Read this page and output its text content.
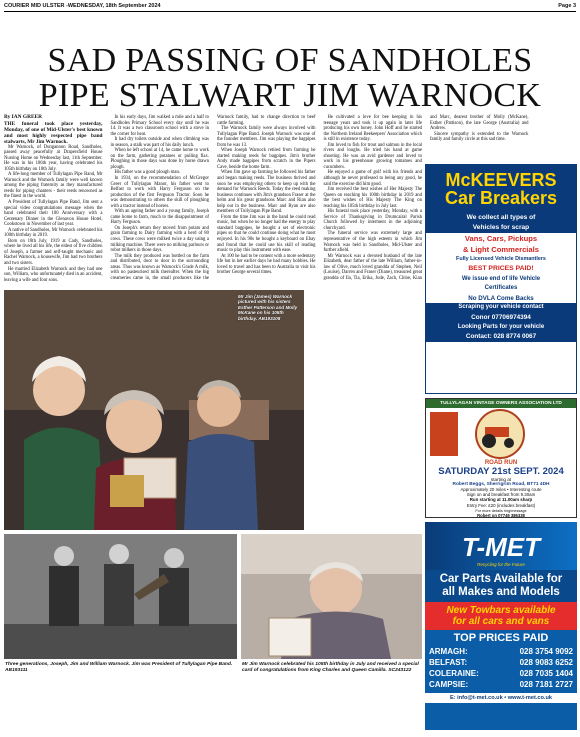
COURIER MID ULSTER -WEDNESDAY, 18th September 2024	Page 3
SAD PASSING OF SANDHOLES
PIPE STALWART JIM WARNOCK

By IAN GREER

THE funeral took place yesterday, Monday, of one of Mid-Ulster's best known and most highly respected pipe band stalwarts, Mr Jim Warnock.

Mr Warnock, of Dungannon Road, Sandholes, passed away peacefully at Drapersfield House Nursing Home on Wednesday last, 11th September. He was in his 106th year, having celebrated his 105th birthday on 18th July.

A life-long member of Tullylagan Pipe Band, Mr Warnock and the Warnock family were well known among the piping fraternity as they manufactured reeds for piping chanters - their reeds renowned as the finest in the world.

A President of Tullylagan Pipe Band, Jim sent a special video congratulations message when the band celebrated their 100 Anniversary with a Centenary Dinner in the Glenavon House Hotel, Cookstown in November of last year.

A native of Sandholes, Mr Warnock celebrated his 100th birthday in 2019.

Born on 18th July, 1919 at Cady, Sandholes, where he lived all his life, the eldest of five children of Joseph, a farmer and self-taught mechanic and Rachel Warnock, a housewife, Jim had two brothers and two sisters.

He married Elizabeth Warnock and they had one son, William, who unfortunately died in an accident, leaving a wife and four sons.

In his early days, Jim walked a mile and a half to Sandholes Primary School every day until he was 14. It was a two classroom school with a stove in the corner for heat.

It had dry toilets outside and when climbing was in season, a stalk was part of his daily lunch.

When he left school at 14, he came home to work on the farm, gathering potatoes or pulling flax. Ploughing in those days was done by horse drawn plough.

His father was a good plough man.

In 1934, on the recommendation of McGregor Greer of Tullylagan Manor, his father went to Belfast to work with Harry Ferguson on the production of the first Ferguson Tractor. Soon he was demonstrating to others the skill of ploughing with a tractor instead of horses.

With an ageing father and a young family, Joseph came home to farm, much to the disappointment of Harry Ferguson.

On Joseph's return they moved from potato and grain farming to Dairy farming with a herd of 80 cows. These cows were milked twice a day using a milking machine. There were no milking parlours or robot milkers in those days.

The milk they produced was bottled on the farm and distributed, door to door in the surrounding areas. Thus was known as Warnock's Grade A milk, with no pasteurised milk thereafter. When the big creameries came in, the small producers like the Warnock family, had to change direction to beef cattle farming.

The Warnock family were always involved with Tullylagan Pipe Band. Joseph Warnock was one of the founder members. Jim was playing the bagpipes from he was 13.

When Joseph Warnock retired from farming he started making reeds for bagpipes. Jim's brother Andy made bagpipes from scratch in the Pipers Cave, beside the home farm.

When Jim gave up farming he followed his father and began making reeds. The business thrived and soon he was employing others to keep up with the demand for Warnock Reeds. Today the reed making business continues with Jim's grandson Fraser at the helm and his great grandsons Marc and Rian also help out in the business. Marc and Ryan are also members of Tullylagan Pipe Band.

From the time Jim was in the band he could read music, but when he no longer had the energy to play standard bagpipes, he bought a set of electronic pipes so that he could continue doing what he most enjoyed. In his 90s he bought a keyboard on Ebay and found that he could use his skill of reading music to play this instrument with ease.

At 100 he had to be content with a more sedentary life but in her earlier days he had many hobbies. He loved to travel and has been to Australia to visit his brother George several times.

He cultivated a love for bee keeping in his teenage years and took it up again in later life producing his own honey. John Hoff and he started the Northern Ireland Beekeepers' Association which is still in existence today.

Jim loved to fish for trout and salmon in the local rivers and loughs. He tried his hand at game shooting. He was an avid gardener and loved to work in his greenhouse growing tomatoes and cucumbers.

He enjoyed a game of golf with his friends and although he never professed to being any good, he said the exercise did him good.

Jim received the best wishes of Her Majesty The Queen on reaching his 100th birthday in 2019 and the best wishes of His Majesty The King on reaching his 105th birthday in July last.

His funeral took place yesterday, Monday, with a Service of Thanksgiving in Drumcairal Parish Church followed by interment in the adjoining churchyard.

The funeral service was extremely large and representative of the high esteem in which Jim Warnock was held in Sandholes, Mid-Ulster and further afield.

Mr Warnock was a devoted husband of the late Elizabeth, dear father of the late William, father-in-law of Olive, much loved grandda of Stephen, Neil (Louise), Darren and Fraser (Diane), treasured great grandda of Ila, Tia, Erika, Jude, Zach, Chloe, Kian and Marc, dearest brother of Molly (McKane), Esther (Pattison), the late George (Australia) and Andrew.

Sincere sympathy is extended to the Warnock family and family circle at this sad time.

Mr Jim (James) Warnock pictured with his sisters Esther Patterson and Molly McKane on his 105th birthday. AB193108
Three generations, Joseph, Jim and William Warnock. Jim was President of Tullylagan Pipe Band. AB193111
Mr Jim Warnock celebrated his 105th birthday in July and received a special card of congratulations from King Charles and Queen Camilla. SC243122
McKEEVERS
Car Breakers
We collect all types of
Vehicles for scrap
Vans, Cars, Pickups
& Light Commercials
Fully Licensed Vehicle Dismantlers
BEST PRICES PAID!
We issue end of life Vehicle
Certificates
No DVLA Come Backs
Scraping your vehicle contact
Conor 07706974394
Looking Parts for your vehicle
Contact: 028 8774 0067
TULLYLAGAN VINTAGE OWNERS ASSOCIATION LTD
ROAD RUN
SATURDAY 21st SEPT. 2024
starting at
Robert Beggs, Sherrigrim Road, BT71 4DH
Approximately 20 miles • Interesting route
Sign on and breakfast from 9.30am
Run starting at 11.00am sharp
Entry Fee: £20 (includes breakfast)
For more details ring/message
Robert on 07749 386338
T-MET
Recycling for the Future
Car Parts Available for
all Makes and Models
New Towbars available
for all cars and vans
TOP PRICES PAID
ARMAGH:	028 3754 9092
BELFAST:	028 9083 6252
COLERAINE:	028 7035 1404
CAMPSIE:	028 7181 2727
E: info@t-met.co.uk • www.t-met.co.uk
